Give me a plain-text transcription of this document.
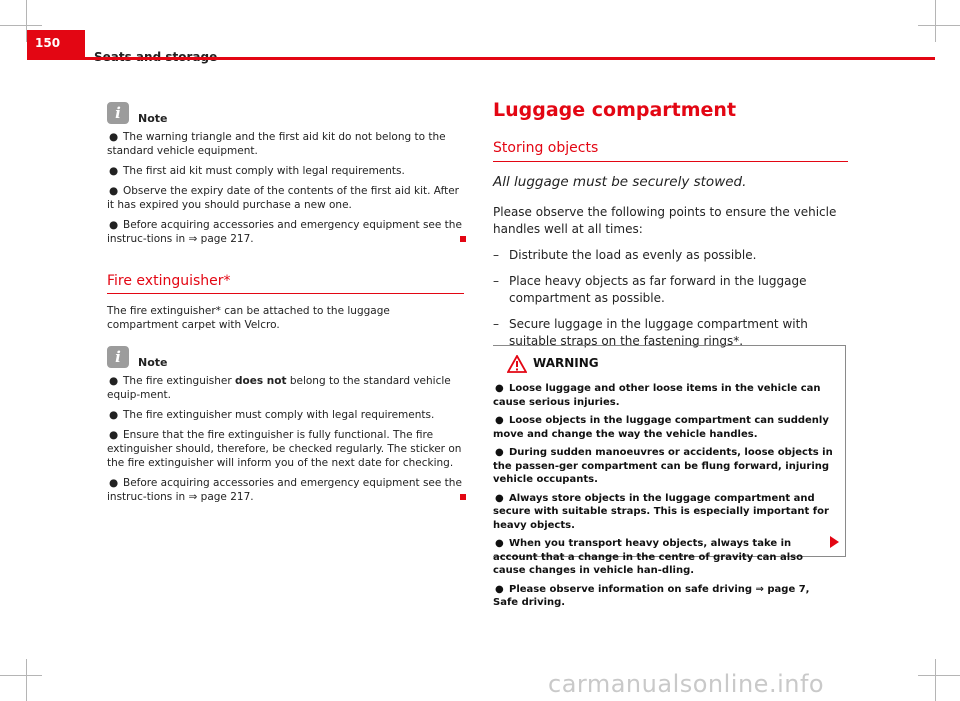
150
i	Note
● The warning triangle and the first aid kit do not belong to the standard vehicle equipment.
● The first aid kit must comply with legal requirements.
● Observe the expiry date of the contents of the first aid kit. After it has expired you should purchase a new one.
● Before acquiring accessories and emergency equipment see the instruc-tions in ⇒ page 217.
Fire extinguisher*
The fire extinguisher* can be attached to the luggage compartment carpet with Velcro.
i	Note
● The fire extinguisher does not belong to the standard vehicle equip-ment.
● The fire extinguisher must comply with legal requirements.
● Ensure that the fire extinguisher is fully functional. The fire extinguisher should, therefore, be checked regularly. The sticker on the fire extinguisher will inform you of the next date for checking.
● Before acquiring accessories and emergency equipment see the instruc-tions in ⇒ page 217.
Luggage compartment
Storing objects
All luggage must be securely stowed.
Please observe the following points to ensure the vehicle handles well at all times:
– Distribute the load as evenly as possible.
– Place heavy objects as far forward in the luggage compartment as possible.
– Secure luggage in the luggage compartment with suitable straps on the fastening rings*.
WARNING
● Loose luggage and other loose items in the vehicle can cause serious injuries.
● Loose objects in the luggage compartment can suddenly move and change the way the vehicle handles.
● During sudden manoeuvres or accidents, loose objects in the passen-ger compartment can be flung forward, injuring vehicle occupants.
● Always store objects in the luggage compartment and secure with suitable straps. This is especially important for heavy objects.
● When you transport heavy objects, always take in account that a change in the centre of gravity can also cause changes in vehicle han-dling.
● Please observe information on safe driving ⇒ page 7, Safe driving.
carmanualsonline.info
